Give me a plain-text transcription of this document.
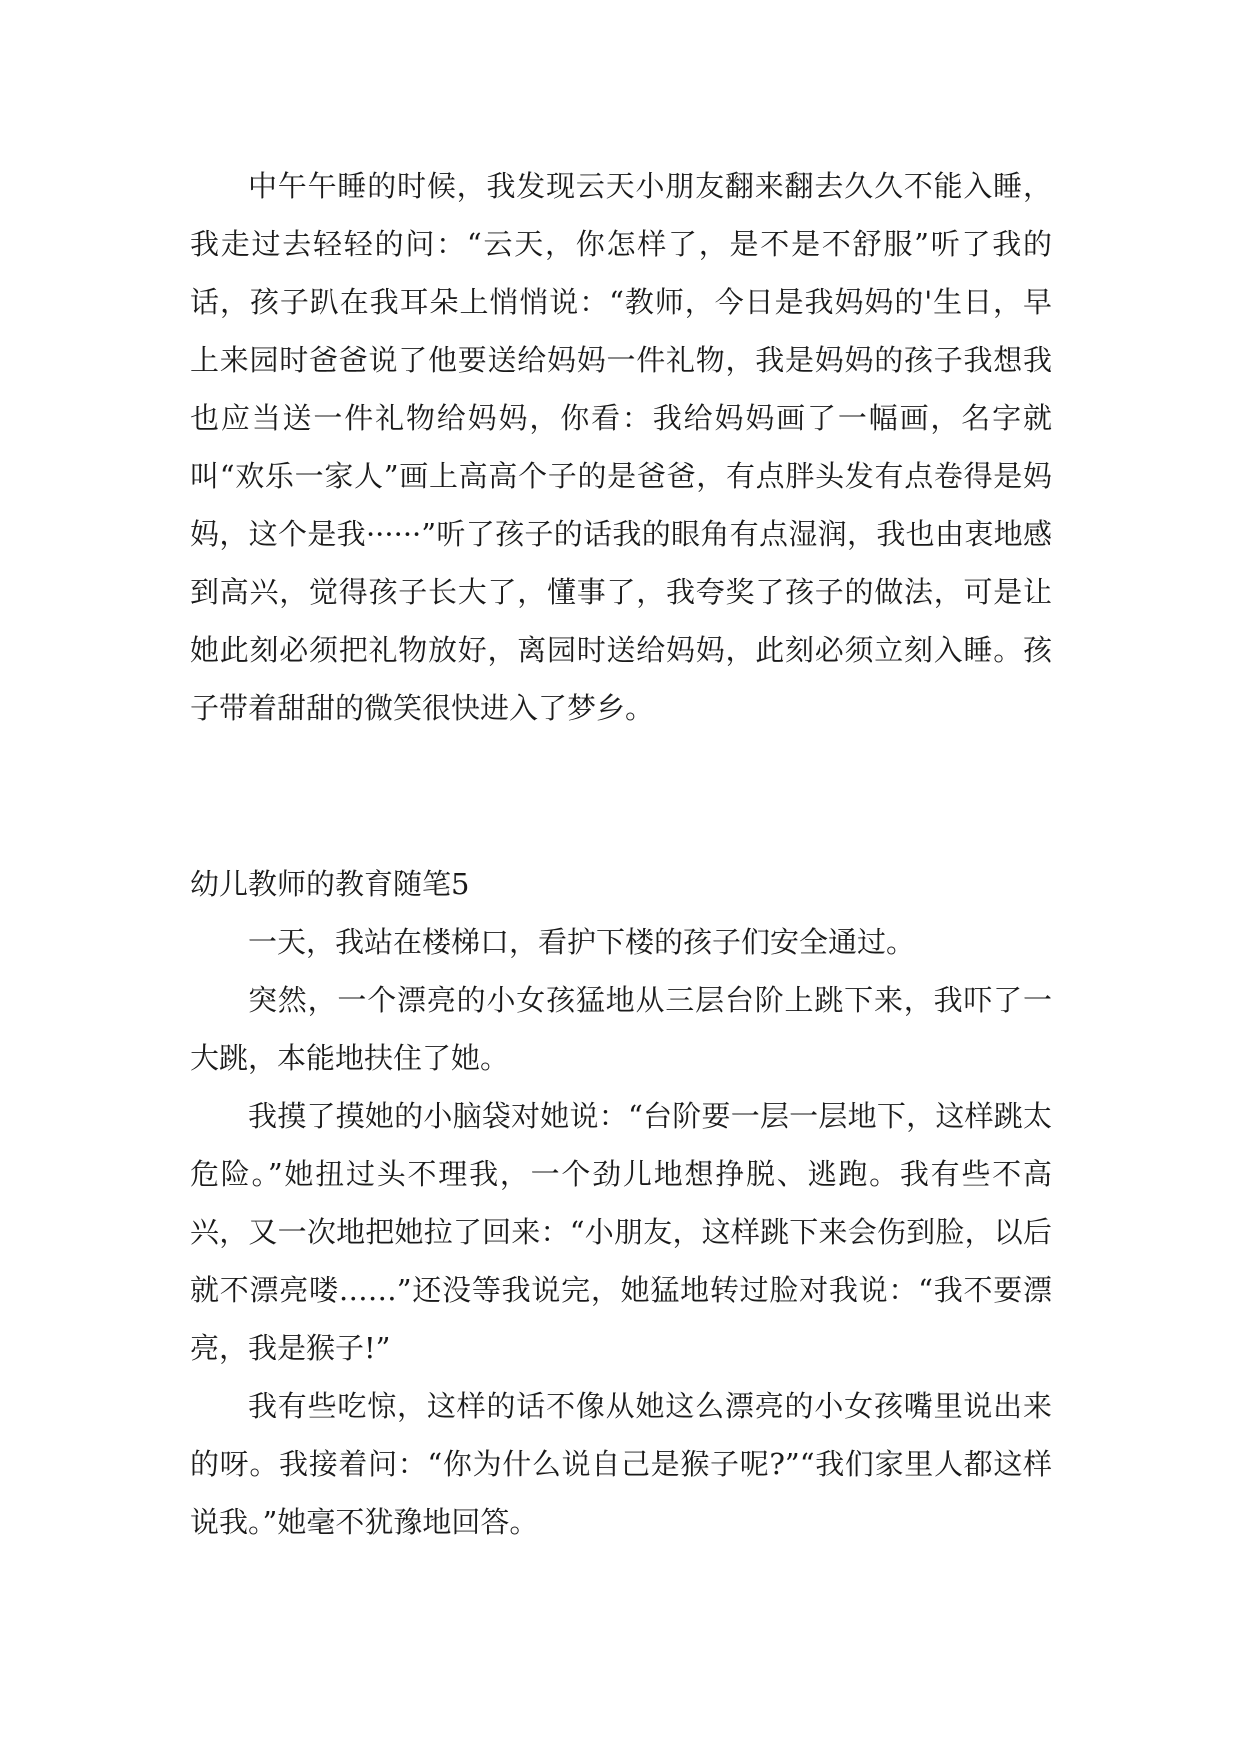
中午午睡的时候，我发现云天小朋友翻来翻去久久不能入睡，我走过去轻轻的问：“云天，你怎样了，是不是不舒服”听了我的话，孩子趴在我耳朵上悄悄说：“教师，今日是我妈妈的'生日，早上来园时爸爸说了他要送给妈妈一件礼物，我是妈妈的孩子我想我也应当送一件礼物给妈妈，你看：我给妈妈画了一幅画，名字就叫“欢乐一家人”画上高高个子的是爸爸，有点胖头发有点卷得是妈妈，这个是我······”听了孩子的话我的眼角有点湿润，我也由衷地感到高兴，觉得孩子长大了，懂事了，我夸奖了孩子的做法，可是让她此刻必须把礼物放好，离园时送给妈妈，此刻必须立刻入睡。孩子带着甜甜的微笑很快进入了梦乡。

幼儿教师的教育随笔5

一天，我站在楼梯口，看护下楼的孩子们安全通过。

突然，一个漂亮的小女孩猛地从三层台阶上跳下来，我吓了一大跳，本能地扶住了她。

我摸了摸她的小脑袋对她说：“台阶要一层一层地下，这样跳太危险。”她扭过头不理我，一个劲儿地想挣脱、逃跑。我有些不高兴，又一次地把她拉了回来：“小朋友，这样跳下来会伤到脸，以后就不漂亮喽……”还没等我说完，她猛地转过脸对我说：“我不要漂亮，我是猴子!”

我有些吃惊，这样的话不像从她这么漂亮的小女孩嘴里说出来的呀。我接着问：“你为什么说自己是猴子呢?”“我们家里人都这样说我。”她毫不犹豫地回答。
